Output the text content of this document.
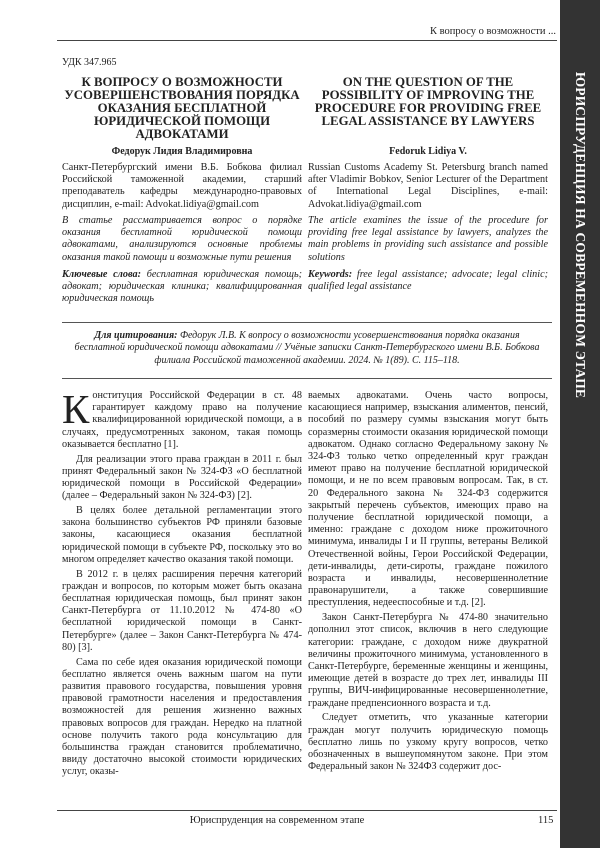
К вопросу о возможности ...
ЮРИСПРУДЕНЦИЯ НА СОВРЕМЕННОМ ЭТАПЕ
УДК 347.965
К ВОПРОСУ О ВОЗМОЖНОСТИ УСОВЕРШЕНСТВОВАНИЯ ПОРЯДКА ОКАЗАНИЯ БЕСПЛАТНОЙ ЮРИДИЧЕСКОЙ ПОМОЩИ АДВОКАТАМИ
ON THE QUESTION OF THE POSSIBILITY OF IMPROVING THE PROCEDURE FOR PROVIDING FREE LEGAL ASSISTANCE BY LAWYERS
Федорук Лидия Владимировна	Fedoruk Lidiya V.
Санкт-Петербургский имени В.Б. Бобкова филиал Российской таможенной академии, старший преподаватель кафедры международно-правовых дисциплин, e-mail: Advokat.lidiya@gmail.com
Russian Customs Academy St. Petersburg branch named after Vladimir Bobkov, Senior Lecturer of the Department of International Legal Disciplines, e-mail: Advokat.lidiya@gmail.com
В статье рассматривается вопрос о порядке оказания бесплатной юридической помощи адвокатами, анализируются основные проблемы оказания такой помощи и возможные пути решения
The article examines the issue of the procedure for providing free legal assistance by lawyers, analyzes the main problems in providing such assistance and possible solutions
Ключевые слова: бесплатная юридическая помощь; адвокат; юридическая клиника; квалифицированная юридическая помощь
Keywords: free legal assistance; advocate; legal clinic; qualified legal assistance
Для цитирования: Федорук Л.В. К вопросу о возможности усовершенствования порядка оказания бесплатной юридической помощи адвокатами // Учёные записки Санкт-Петербургского имени В.Б. Бобкова филиала Российской таможенной академии. 2024. № 1(89). С. 115–118.

Конституция Российской Федерации в ст. 48 гарантирует каждому право на получение квалифицированной юридической помощи, а в случаях, предусмотренных законом, такая помощь оказывается бесплатно [1].

Для реализации этого права граждан в 2011 г. был принят Федеральный закон № 324-ФЗ «О бесплатной юридической помощи в Российской Федерации» (далее – Федеральный закон № 324-ФЗ) [2].

В целях более детальной регламентации этого закона большинство субъектов РФ приняли базовые законы, касающиеся оказания бесплатной юридической помощи в субъекте РФ, поскольку это во многом определяет качество оказания такой помощи.

В 2012 г. в целях расширения перечня категорий граждан и вопросов, по которым может быть оказана бесплатная юридическая помощь, был принят закон Санкт-Петербурга от 11.10.2012 № 474-80 «О бесплатной юридической помощи в Санкт-Петербурге» (далее – Закон Санкт-Петербурга № 474-80) [3].

Сама по себе идея оказания юридической помощи бесплатно является очень важным шагом на пути развития правового государства, повышения уровня правовой грамотности населения и предоставления возможностей для решения жизненно важных правовых вопросов для граждан. Нередко на платной основе получить такого рода консультацию для большинства граждан становится проблематично, ввиду достаточно высокой стоимости юридических услуг, оказы-

ваемых адвокатами. Очень часто вопросы, касающиеся например, взыскания алиментов, пенсий, пособий по размеру суммы взыскания могут быть соразмерны стоимости оказания юридической помощи адвокатом. Однако согласно Федеральному закону № 324-ФЗ только четко определенный круг граждан имеют право на получение бесплатной юридической помощи, и не по всем правовым вопросам. Так, в ст. 20 Федерального закона № 324-ФЗ содержится закрытый перечень субъектов, имеющих право на получение бесплатной юридической помощи, а именно: граждане с доходом ниже прожиточного минимума, инвалиды I и II группы, ветераны Великой Отечественной войны, Герои Российской Федерации, дети-инвалиды, дети-сироты, граждане пожилого возраста и инвалиды, несовершеннолетние правонарушители, а также совершившие преступления, недееспособные и т.д. [2].

Закон Санкт-Петербурга № 474-80 значительно дополнил этот список, включив в него следующие категории: граждане, с доходом ниже двукратной величины прожиточного минимума, установленного в Санкт-Петербурге, беременные женщины и женщины, имеющие детей в возрасте до трех лет, инвалиды III группы, ВИЧ-инфицированные несовершеннолетние, граждане предпенсионного возраста и т.д.

Следует отметить, что указанные категории граждан могут получить юридическую помощь бесплатно лишь по узкому кругу вопросов, четко обозначенных в вышеупомянутом законе. При этом Федеральный закон № 324ФЗ содержит дос-

Юриспруденция на современном этапе	115
